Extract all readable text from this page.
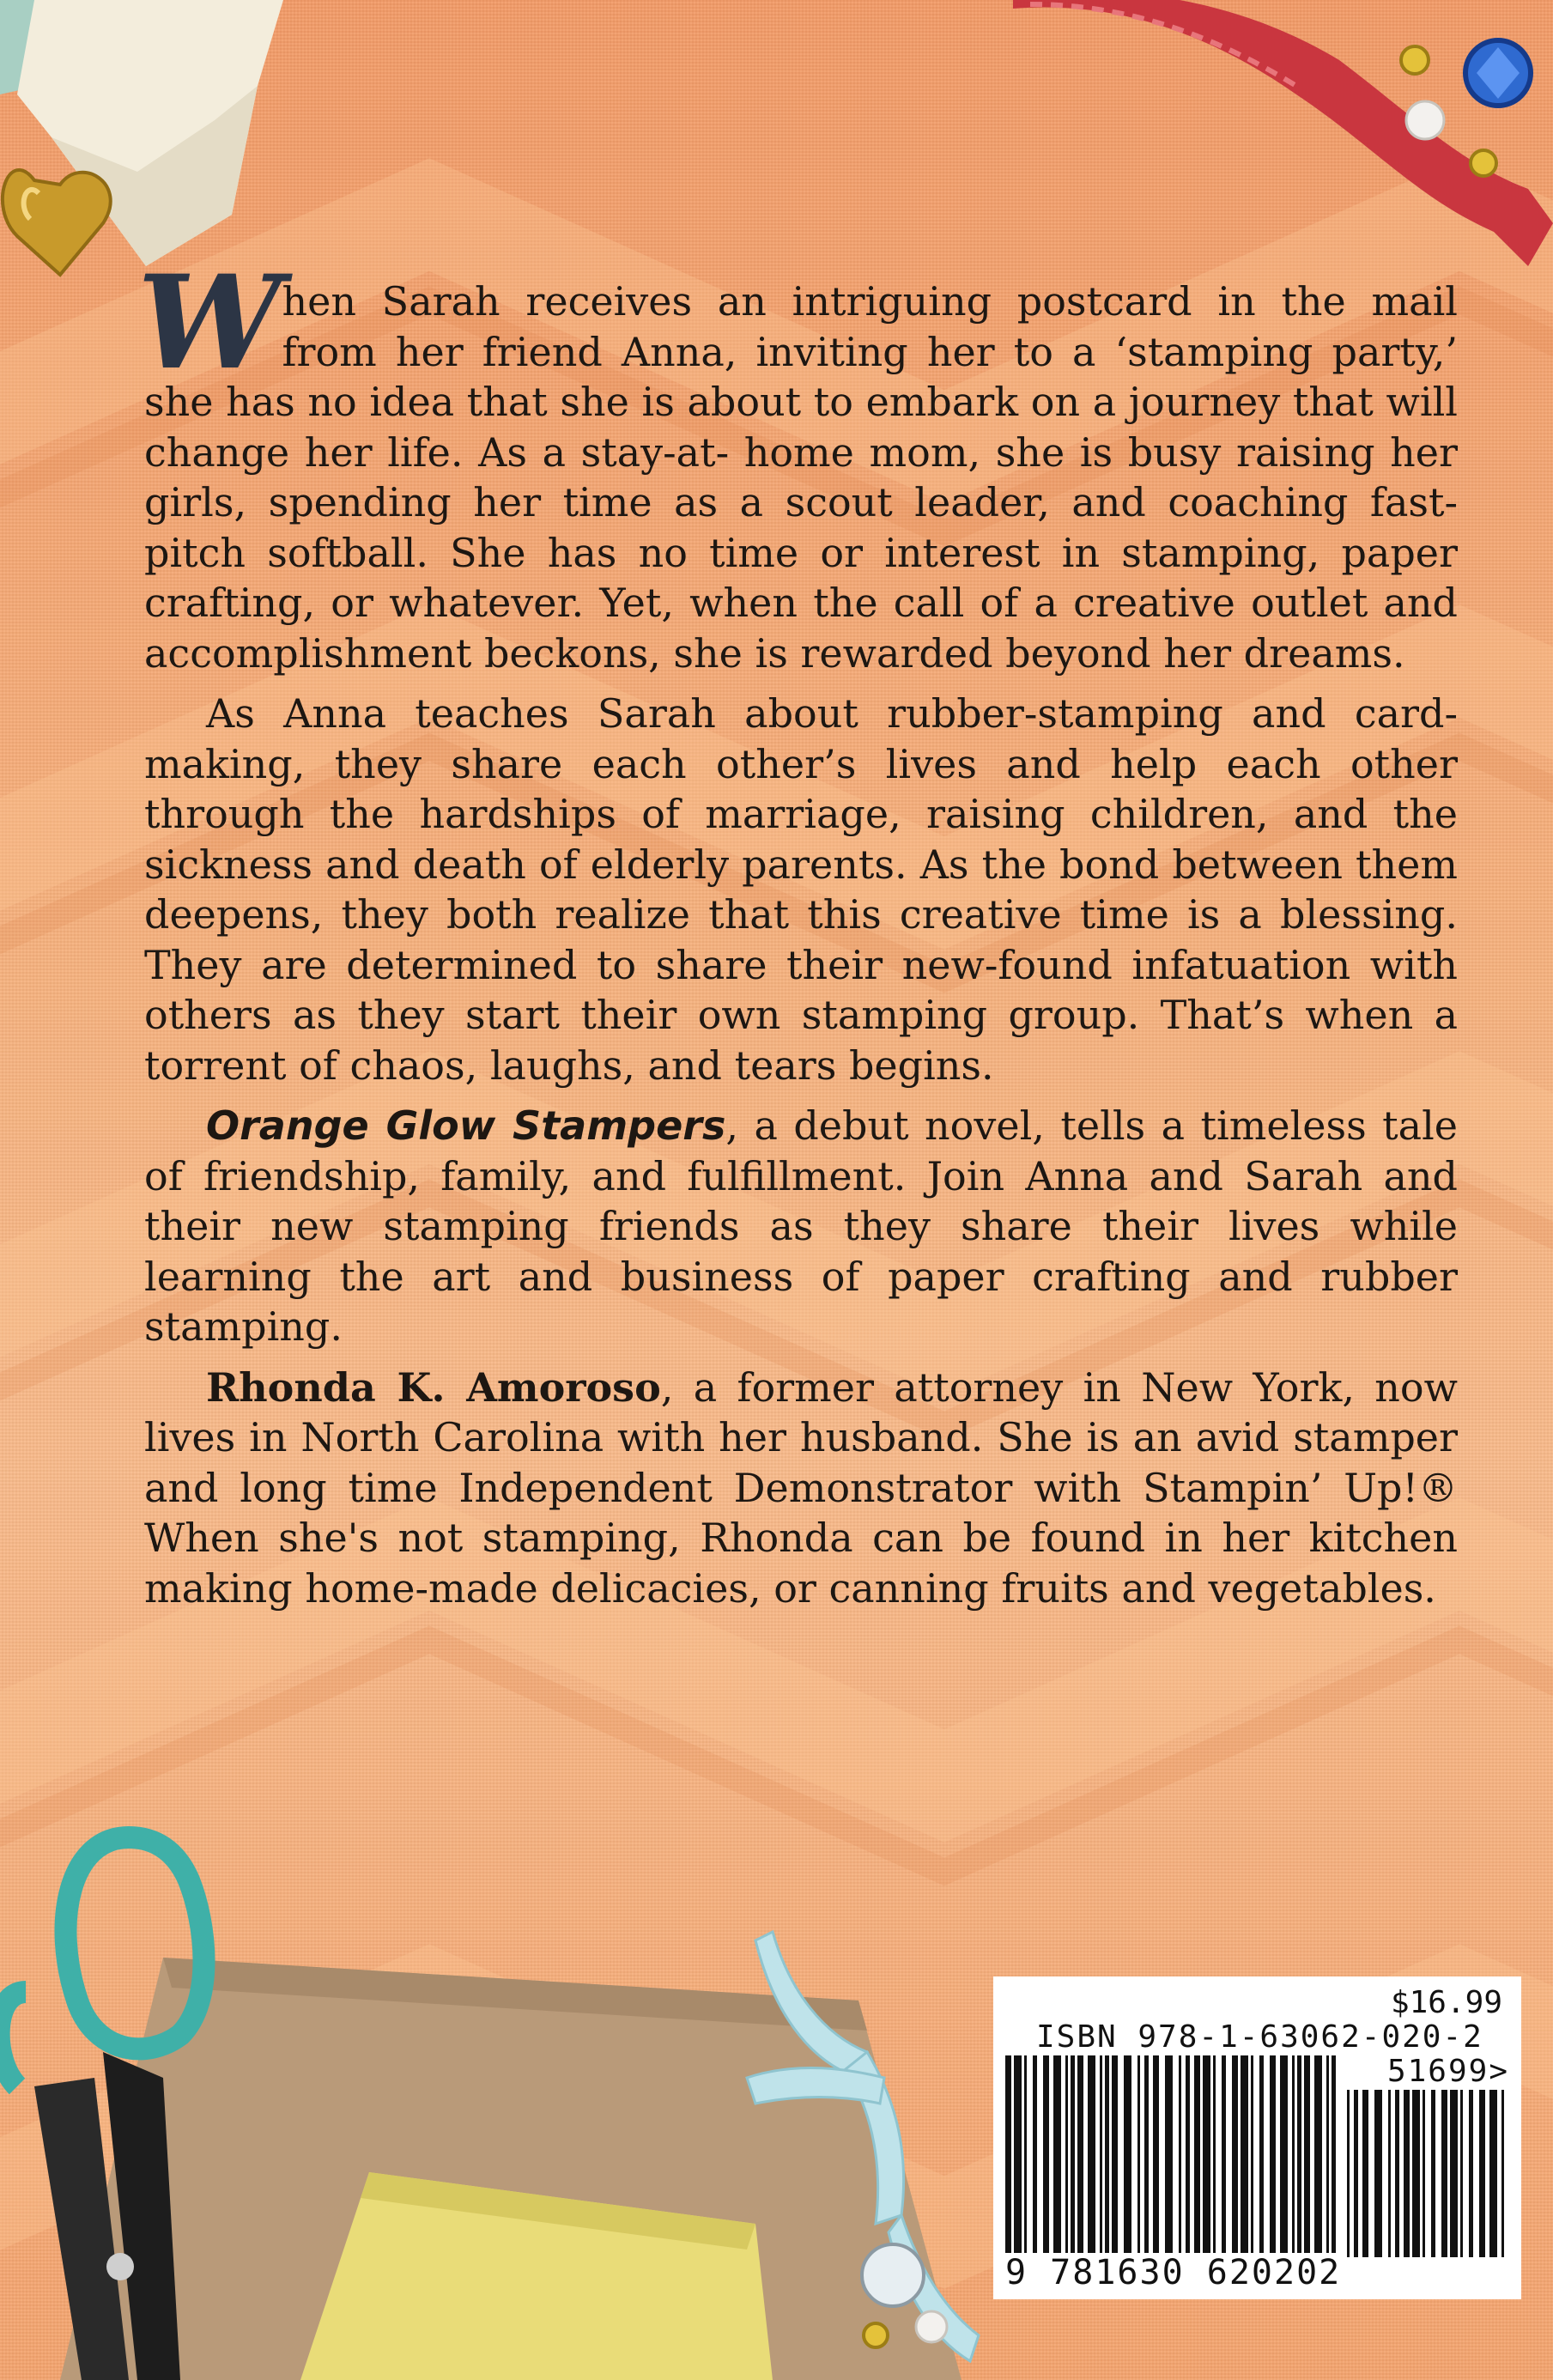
When Sarah receives an intriguing postcard in the mail from her friend Anna, inviting her to a ‘stamping party,’ she has no idea that she is about to embark on a journey that will change her life. As a stay-at- home mom, she is busy raising her girls, spending her time as a scout leader, and coaching fast-pitch softball. She has no time or interest in stamping, paper crafting, or whatever. Yet, when the call of a creative outlet and accomplishment beckons, she is rewarded beyond her dreams.

As Anna teaches Sarah about rubber-stamping and card-making, they share each other’s lives and help each other through the hardships of marriage, raising children, and the sickness and death of elderly parents. As the bond between them deepens, they both realize that this creative time is a blessing. They are determined to share their new-found infatuation with others as they start their own stamping group. That’s when a torrent of chaos, laughs, and tears begins.

Orange Glow Stampers, a debut novel, tells a timeless tale of friendship, family, and fulfillment. Join Anna and Sarah and their new stamping friends as they share their lives while learning the art and business of paper crafting and rubber stamping.

Rhonda K. Amoroso, a former attorney in New York, now lives in North Carolina with her husband. She is an avid stamper and long time Independent Demonstrator with Stampin’ Up!® When she's not stamping, Rhonda can be found in her kitchen making home-made delicacies, or canning fruits and vegetables.

$16.99
ISBN 978-1-63062-020-2
51699>
9 781630 620202
